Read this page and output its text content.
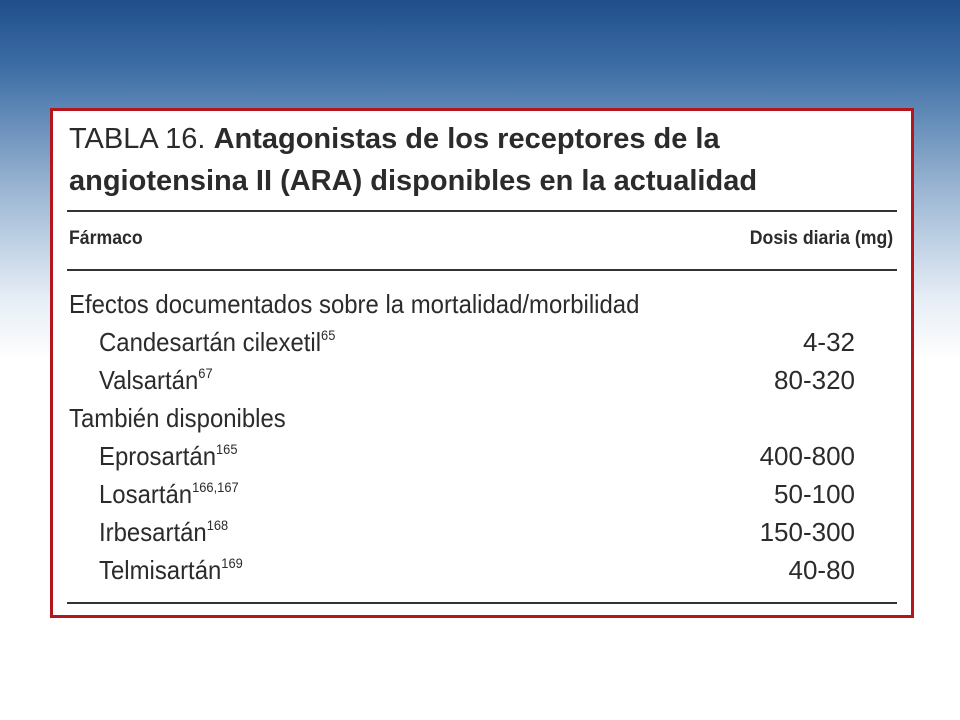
TABLA 16. Antagonistas de los receptores de la angiotensina II (ARA) disponibles en la actualidad
Fármaco	Dosis diaria (mg)
Efectos documentados sobre la mortalidad/morbilidad
Candesartán cilexetil$^{65}$	4-32
Valsartán$^{67}$	80-320
También disponibles
Eprosartán$^{165}$	400-800
Losartán$^{166,167}$	50-100
Irbesartán$^{168}$	150-300
Telmisartán$^{169}$	40-80
